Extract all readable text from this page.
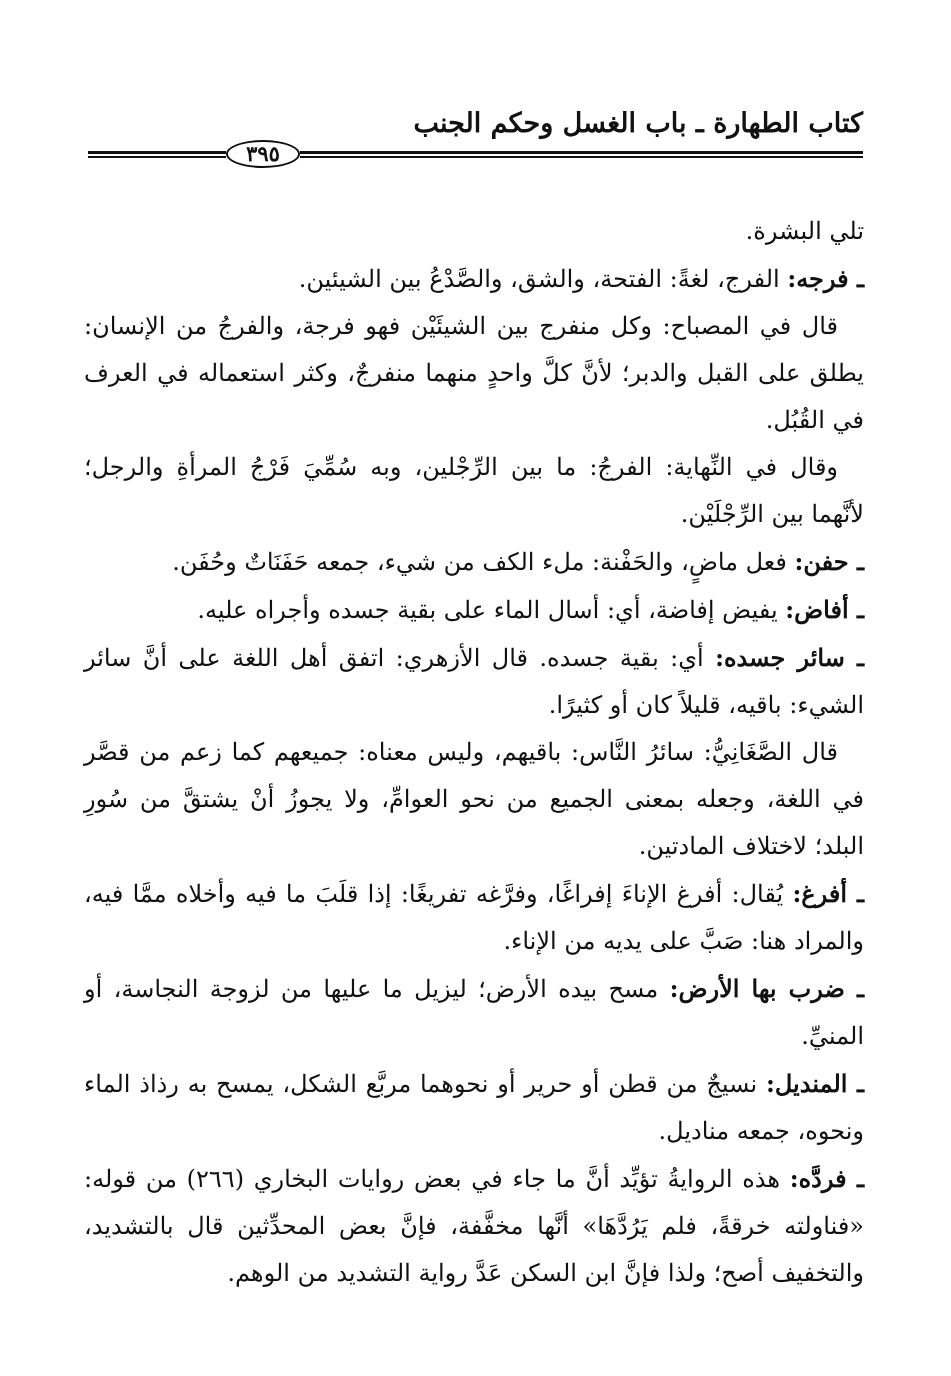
كتاب الطهارة ـ باب الغسل وحكم الجنب
٣٩٥

تلي البشرة.

ـ فرجه: الفرج، لغةً: الفتحة، والشق، والصَّدْعُ بين الشيئين.

قال في المصباح: وكل منفرج بين الشيئَيْن فهو فرجة، والفرجُ من الإنسان: يطلق على القبل والدبر؛ لأنَّ كلَّ واحدٍ منهما منفرجٌ، وكثر استعماله في العرف في القُبُل.

وقال في النِّهاية: الفرجُ: ما بين الرِّجْلين، وبه سُمِّيَ فَرْجُ المرأةِ والرجل؛ لأنَّهما بين الرِّجْلَيْن.

ـ حفن: فعل ماضٍ، والحَفْنة: ملء الكف من شيء، جمعه حَفَنَاتٌ وحُفَن.

ـ أفاض: يفيض إفاضة، أي: أسال الماء على بقية جسده وأجراه عليه.

ـ سائر جسده: أي: بقية جسده. قال الأزهري: اتفق أهل اللغة على أنَّ سائر الشيء: باقيه، قليلاً كان أو كثيرًا.

قال الصَّغَانِيُّ: سائرُ النَّاس: باقيهم، وليس معناه: جميعهم كما زعم من قصَّر في اللغة، وجعله بمعنى الجميع من نحو العوامِّ، ولا يجوزُ أنْ يشتقَّ من سُورِ البلد؛ لاختلاف المادتين.

ـ أفرغ: يُقال: أفرغ الإناءَ إفراغًا، وفرَّغه تفريغًا: إذا قلَبَ ما فيه وأخلاه ممَّا فيه، والمراد هنا: صَبَّ على يديه من الإناء.

ـ ضرب بها الأرض: مسح بيده الأرض؛ ليزيل ما عليها من لزوجة النجاسة، أو المنيِّ.

ـ المنديل: نسيجٌ من قطن أو حرير أو نحوهما مربَّع الشكل، يمسح به رذاذ الماء ونحوه، جمعه مناديل.

ـ فردَّه: هذه الروايةُ تؤيِّد أنَّ ما جاء في بعض روايات البخاري (٢٦٦) من قوله: «فناولته خرقةً، فلم يَرُدَّهَا» أنَّها مخفَّفة، فإنَّ بعض المحدِّثين قال بالتشديد، والتخفيف أصح؛ ولذا فإنَّ ابن السكن عَدَّ رواية التشديد من الوهم.
